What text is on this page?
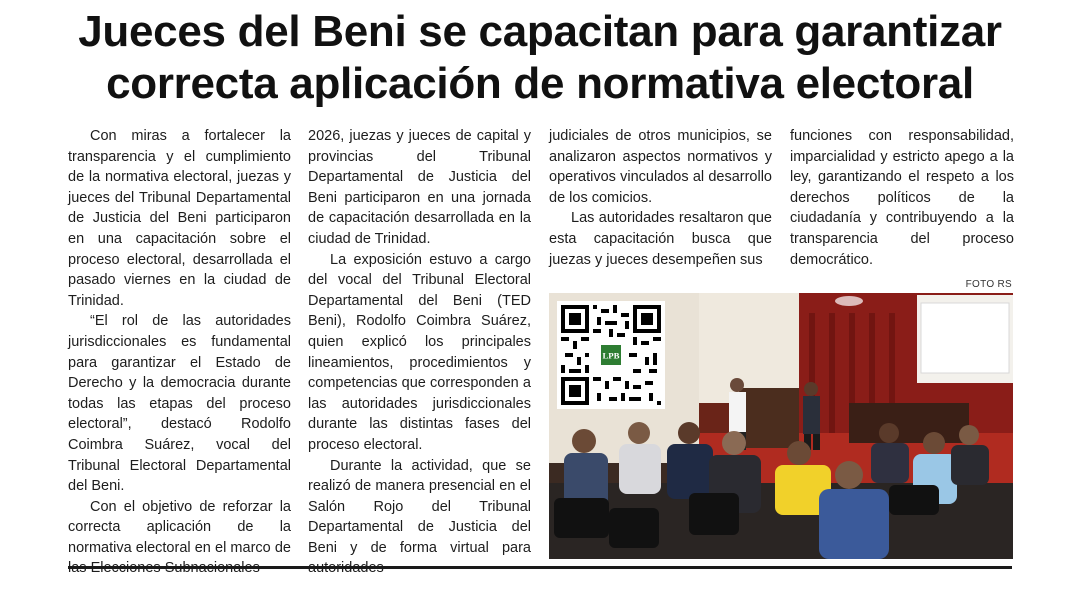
Jueces del Beni se capacitan para garantizar
correcta aplicación de normativa electoral

Con miras a fortalecer la transparencia y el cumplimiento de la normativa electoral, juezas y jueces del Tribunal Departamental de Justicia del Beni participaron en una capacitación sobre el proceso electoral, desarrollada el pasado viernes en la ciudad de Trinidad.

“El rol de las autoridades jurisdiccionales es fundamental para garantizar el Estado de Derecho y la democracia durante todas las etapas del proceso electoral”, destacó Rodolfo Coimbra Suárez, vocal del Tribunal Electoral Departamental del Beni.

Con el objetivo de reforzar la correcta aplicación de la normativa electoral en el marco de

2026, juezas y jueces de capital y provincias del Tribunal Departamental de Justicia del Beni participaron en una jornada de capacitación desarrollada en la ciudad de Trinidad.

La exposición estuvo a cargo del vocal del Tribunal Electoral Departamental del Beni (TED Beni), Rodolfo Coimbra Suárez, quien explicó los principales lineamientos, procedimientos y competencias que corresponden a las autoridades jurisdiccionales durante las distintas fases del proceso electoral.

Durante la actividad, que se realizó de manera presencial en el Salón Rojo del Tribunal Departamental de Justicia del Beni y de forma virtual para

judiciales de otros municipios, se analizaron aspectos normativos y operativos vinculados al desarrollo de los comicios.

Las autoridades resaltaron que esta capacitación busca que juezas y jueces desempeñen sus

funciones con responsabilidad, imparcialidad y estricto apego a la ley, garantizando el respeto a los derechos políticos de la ciudadanía y contribuyendo a la transparencia del proceso democrático.

FOTO RS
LPB
